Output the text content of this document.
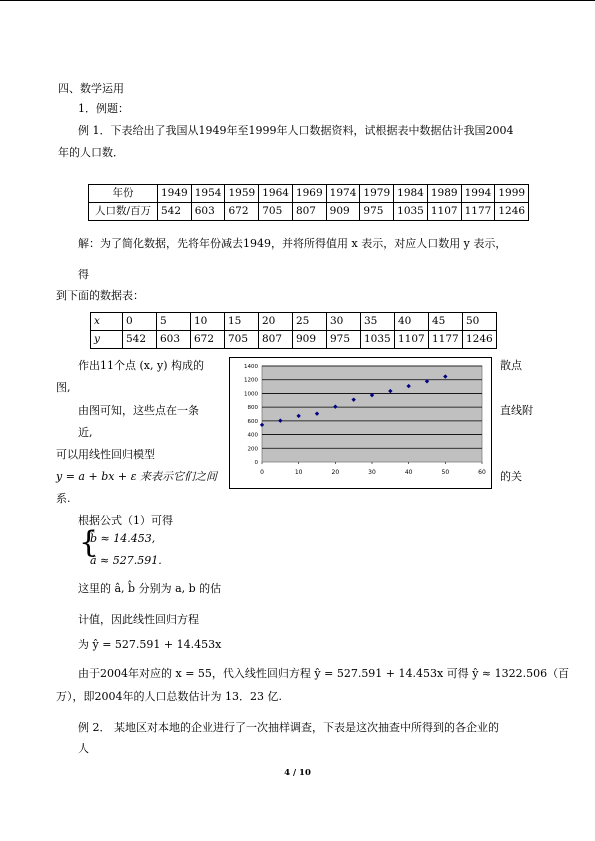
四、数学运用
1．例题：
例 1．下表给出了我国从1949年至1999年人口数据资料，试根据表中数据估计我国2004
年的人口数．
年份	1949	1954	1959	1964	1969	1974	1979	1984	1989	1994	1999
人口数/百万	542	603	672	705	807	909	975	1035	1107	1177	1246
解：为了简化数据，先将年份减去1949，并将所得值用 x 表示，对应人口数用 y 表示，
得
到下面的数据表：
x	0	5	10	15	20	25	30	35	40	45	50
y	542	603	672	705	807	909	975	1035	1107	1177	1246
作出11个点 (x, y) 构成的	散点
图,
由图可知，这些点在一条	直线附
近,
可以用线性回归模型
y = a + bx + ε 来表示它们之间	的关
系.
0
200
400
600
800
1000
1200
1400
0	10	20	30	40	50	60
根据公式（1）可得
{
b̂ ≈ 14.453,
â ≈ 527.591.
这里的 â, b̂ 分别为 a, b 的估
计值，因此线性回归方程
为 ŷ = 527.591 + 14.453x
由于2004年对应的 x = 55，代入线性回归方程 ŷ = 527.591 + 14.453x 可得 ŷ ≈ 1322.506（百
万），即2004年的人口总数估计为 13．23 亿.
例 2． 某地区对本地的企业进行了一次抽样调查，下表是这次抽查中所得到的各企业的
人
4 / 10
